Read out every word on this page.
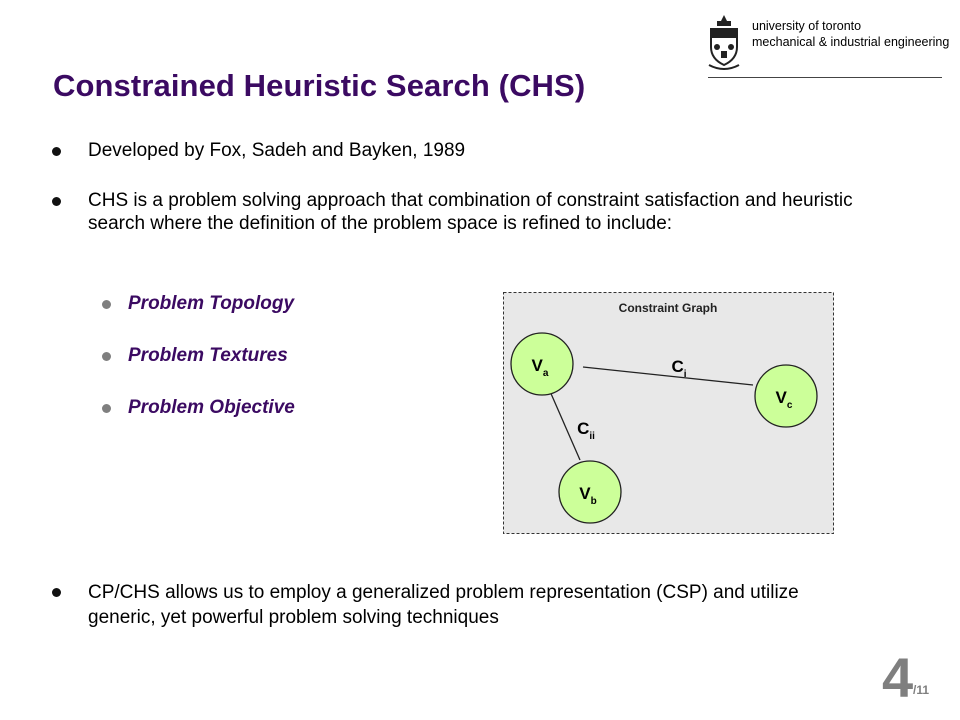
university of toronto
mechanical & industrial engineering
Constrained Heuristic Search (CHS)
Developed by Fox, Sadeh and Bayken, 1989
CHS is a problem solving approach that combination of constraint satisfaction and heuristic search where the definition of the problem space is refined to include:
Problem Topology
Problem Textures
Problem Objective
Constraint Graph
$V_a$
$V_c$
$V_b$
$C_i$
$C_{ii}$
CP/CHS allows us to employ a generalized problem representation (CSP) and utilize generic, yet powerful problem solving techniques
4 /11
